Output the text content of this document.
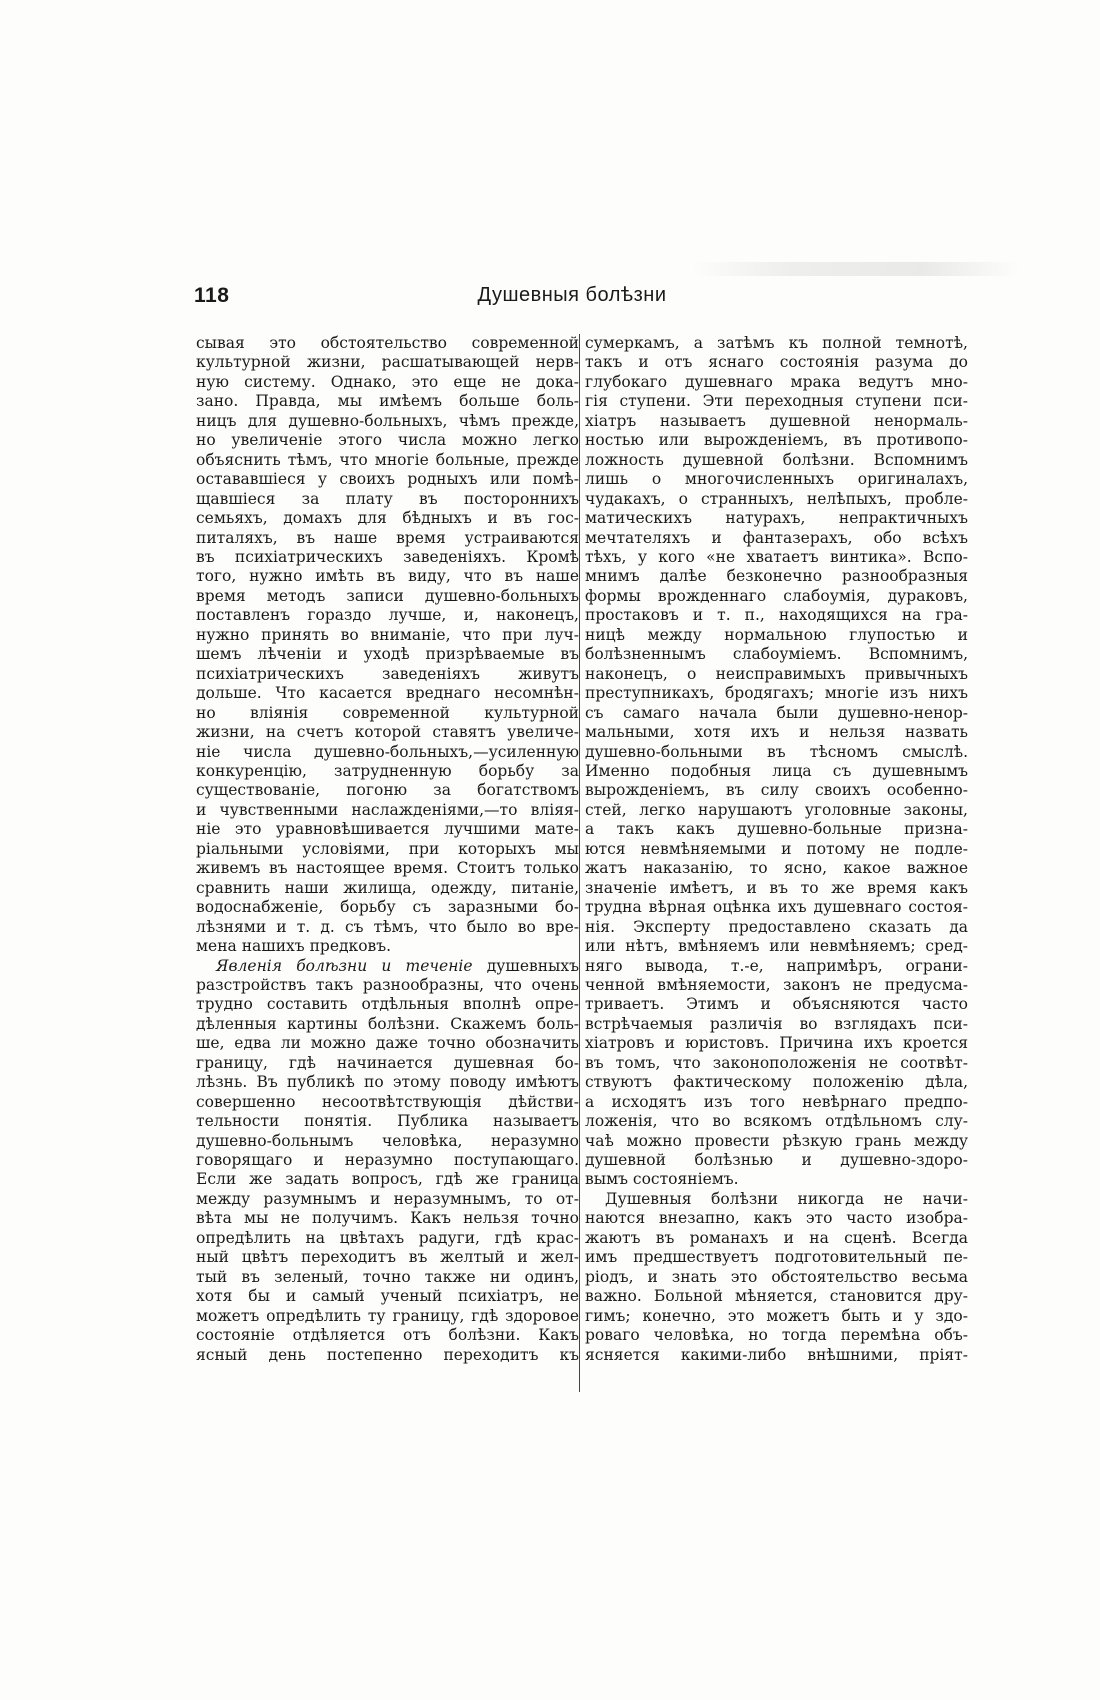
118	Душевныя болѣзни
сывая это обстоятельство современной
культурной жизни, расшатывающей нерв-
ную систему. Однако, это еще не дока-
зано. Правда, мы имѣемъ больше боль-
ницъ для душевно-больныхъ, чѣмъ прежде,
но увеличеніе этого числа можно легко
объяснить тѣмъ, что многіе больные, прежде
остававшіеся у своихъ родныхъ или помѣ-
щавшіеся за плату въ посторонниxъ
семьяхъ, домахъ для бѣдныхъ и въ гос-
питаляхъ, въ наше время устраиваются
въ психіатрическихъ заведеніяхъ. Кромѣ
того, нужно имѣть въ виду, что въ наше
время методъ записи душевно-больныхъ
поставленъ гораздо лучше, и, наконецъ,
нужно принять во вниманіе, что при луч-
шемъ лѣченіи и уходѣ призрѣваемые въ
психіатрическихъ заведеніяхъ живутъ
дольше. Что касается вреднаго несомнѣн-
но вліянія современной культурной
жизни, на счетъ которой ставятъ увеличе-
ніе числа душевно-больныхъ,—усиленную
конкуренцію, затрудненную борьбу за
существованіе, погоню за богатствомъ
и чувственными наслажденіями,—то вліяя-
ніе это уравновѣшивается лучшими мате-
ріальными условіями, при которыхъ мы
живемъ въ настоящее время. Стоитъ только
сравнить наши жилища, одежду, питаніе,
водоснабженіе, борьбу съ заразными бо-
лѣзнями и т. д. съ тѣмъ, что было во вре-
мена нашихъ предковъ.
Явленія болѣзни и теченіе душевныхъ
разстройствъ такъ разнообразны, что очень
трудно составить отдѣльныя вполнѣ опре-
дѣленныя картины болѣзни. Скажемъ боль-
ше, едва ли можно даже точно обозначить
границу, гдѣ начинается душевная бо-
лѣзнь. Въ публикѣ по этому поводу имѣютъ
совершенно несоотвѣтствующія дѣйстви-
тельности понятія. Публика называетъ
душевно-больнымъ человѣка, неразумно
говорящаго и неразумно поступающаго.
Если же задать вопросъ, гдѣ же граница
между разумнымъ и неразумнымъ, то от-
вѣта мы не получимъ. Какъ нельзя точно
опредѣлить на цвѣтахъ радуги, гдѣ крас-
ный цвѣтъ переходитъ въ желтый и жел-
тый въ зеленый, точно также ни одинъ,
хотя бы и самый ученый психіатръ, не
можетъ опредѣлить ту границу, гдѣ здоровое
состояніе отдѣляется отъ болѣзни. Какъ
ясный день постепенно переходитъ къ
сумеркамъ, а затѣмъ къ полной темнотѣ,
такъ и отъ яснаго состоянія разума до
глубокаго душевнаго мрака ведутъ мно-
гія ступени. Эти переходныя ступени пси-
хіатръ называетъ душевной ненормаль-
ностью или вырожденіемъ, въ противопо-
ложность душевной болѣзни. Вспомнимъ
лишь о многочисленныхъ оригиналахъ,
чудакахъ, о странныхъ, нелѣпыхъ, пробле-
матическихъ натурахъ, непрактичныхъ
мечтателяхъ и фантазерахъ, обо всѣхъ
тѣхъ, у кого «не хватаетъ винтика». Вспо-
мнимъ далѣе безконечно разнообразныя
формы врожденнаго слабоумія, дураковъ,
простаковъ и т. п., находящихся на гра-
ницѣ между нормальною глупостью и
болѣзненнымъ слабоуміемъ. Вспомнимъ,
наконецъ, о неисправимыхъ привычныхъ
преступникахъ, бродягахъ; многіе изъ нихъ
съ самаго начала были душевно-ненор-
мальными, хотя ихъ и нельзя назвать
душевно-больными въ тѣсномъ смыслѣ.
Именно подобныя лица съ душевнымъ
вырожденіемъ, въ силу своихъ особенно-
стей, легко нарушаютъ уголовные законы,
а такъ какъ душевно-больные призна-
ются невмѣняемыми и потому не подле-
жатъ наказанію, то ясно, какое важное
значеніе имѣетъ, и въ то же время какъ
трудна вѣрная оцѣнка ихъ душевнаго состоя-
нія. Эксперту предоставлено сказать да
или нѣтъ, вмѣняемъ или невмѣняемъ; сред-
няго вывода, т.-е, напримѣръ, ограни-
ченной вмѣняемости, законъ не предусма-
триваетъ. Этимъ и объясняются часто
встрѣчаемыя различія во взглядахъ пси-
хіатровъ и юристовъ. Причина ихъ кроется
въ томъ, что законоположенія не соотвѣт-
ствуютъ фактическому положенію дѣла,
а исходятъ изъ того невѣрнаго предпо-
ложенія, что во всякомъ отдѣльномъ слу-
чаѣ можно провести рѣзкую грань между
душевной болѣзнью и душевно-здоро-
вымъ состояніемъ.
Душевныя болѣзни никогда не начи-
наются внезапно, какъ это часто изобра-
жаютъ въ романахъ и на сценѣ. Всегда
имъ предшествуетъ подготовительный пе-
ріодъ, и знать это обстоятельство весьма
важно. Больной мѣняется, становится дру-
гимъ; конечно, это можетъ быть и у здо-
роваго человѣка, но тогда перемѣна объ-
ясняется какими-либо внѣшними, пріят-
